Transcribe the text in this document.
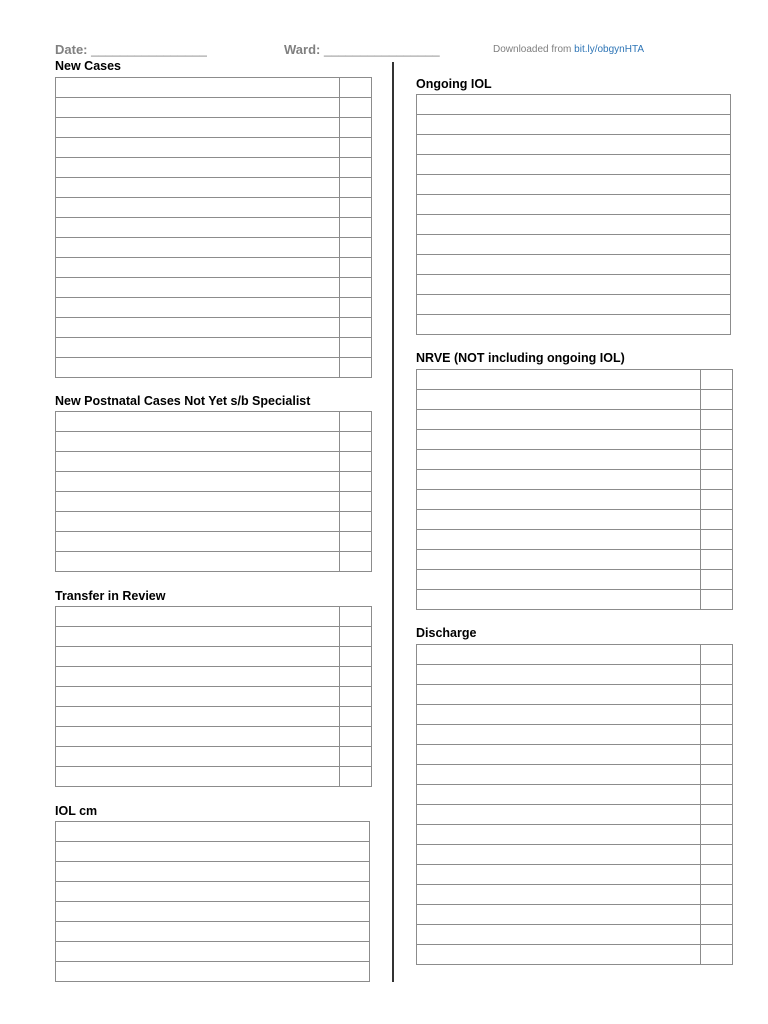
Date: ________________	Ward: ________________	Downloaded from bit.ly/obgynHTA
New Cases

New Postnatal Cases Not Yet s/b Specialist

Transfer in Review

IOL cm

Ongoing IOL

NRVE (NOT including ongoing IOL)

Discharge
